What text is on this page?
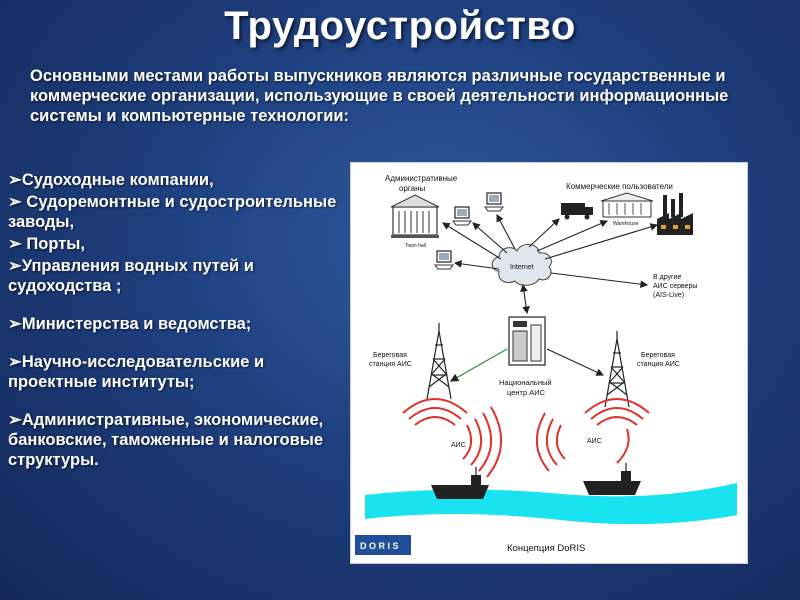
Трудоустройство
Основными местами работы выпускников являются различные государственные и коммерческие организации, использующие в своей деятельности информационные системы и компьютерные технологии:
➢Судоходные компании,
➢ Судоремонтные и судостроительные заводы,
➢ Порты,
➢Управления водных путей и судоходства ;
➢Министерства и ведомства;
➢Научно-исследовательские и проектные институты;
➢Административные, экономические, банковские, таможенные и налоговые структуры.
Административные
органы	Коммерческие пользователи
Town hall
Warehouse
Internet
В другие
АИС серверы
(AIS-Live)
Национальный
центр АИС
Береговая
станция АИС
Береговая
станция АИС
АИС
АИС
D O R I S	Концепция DoRIS
